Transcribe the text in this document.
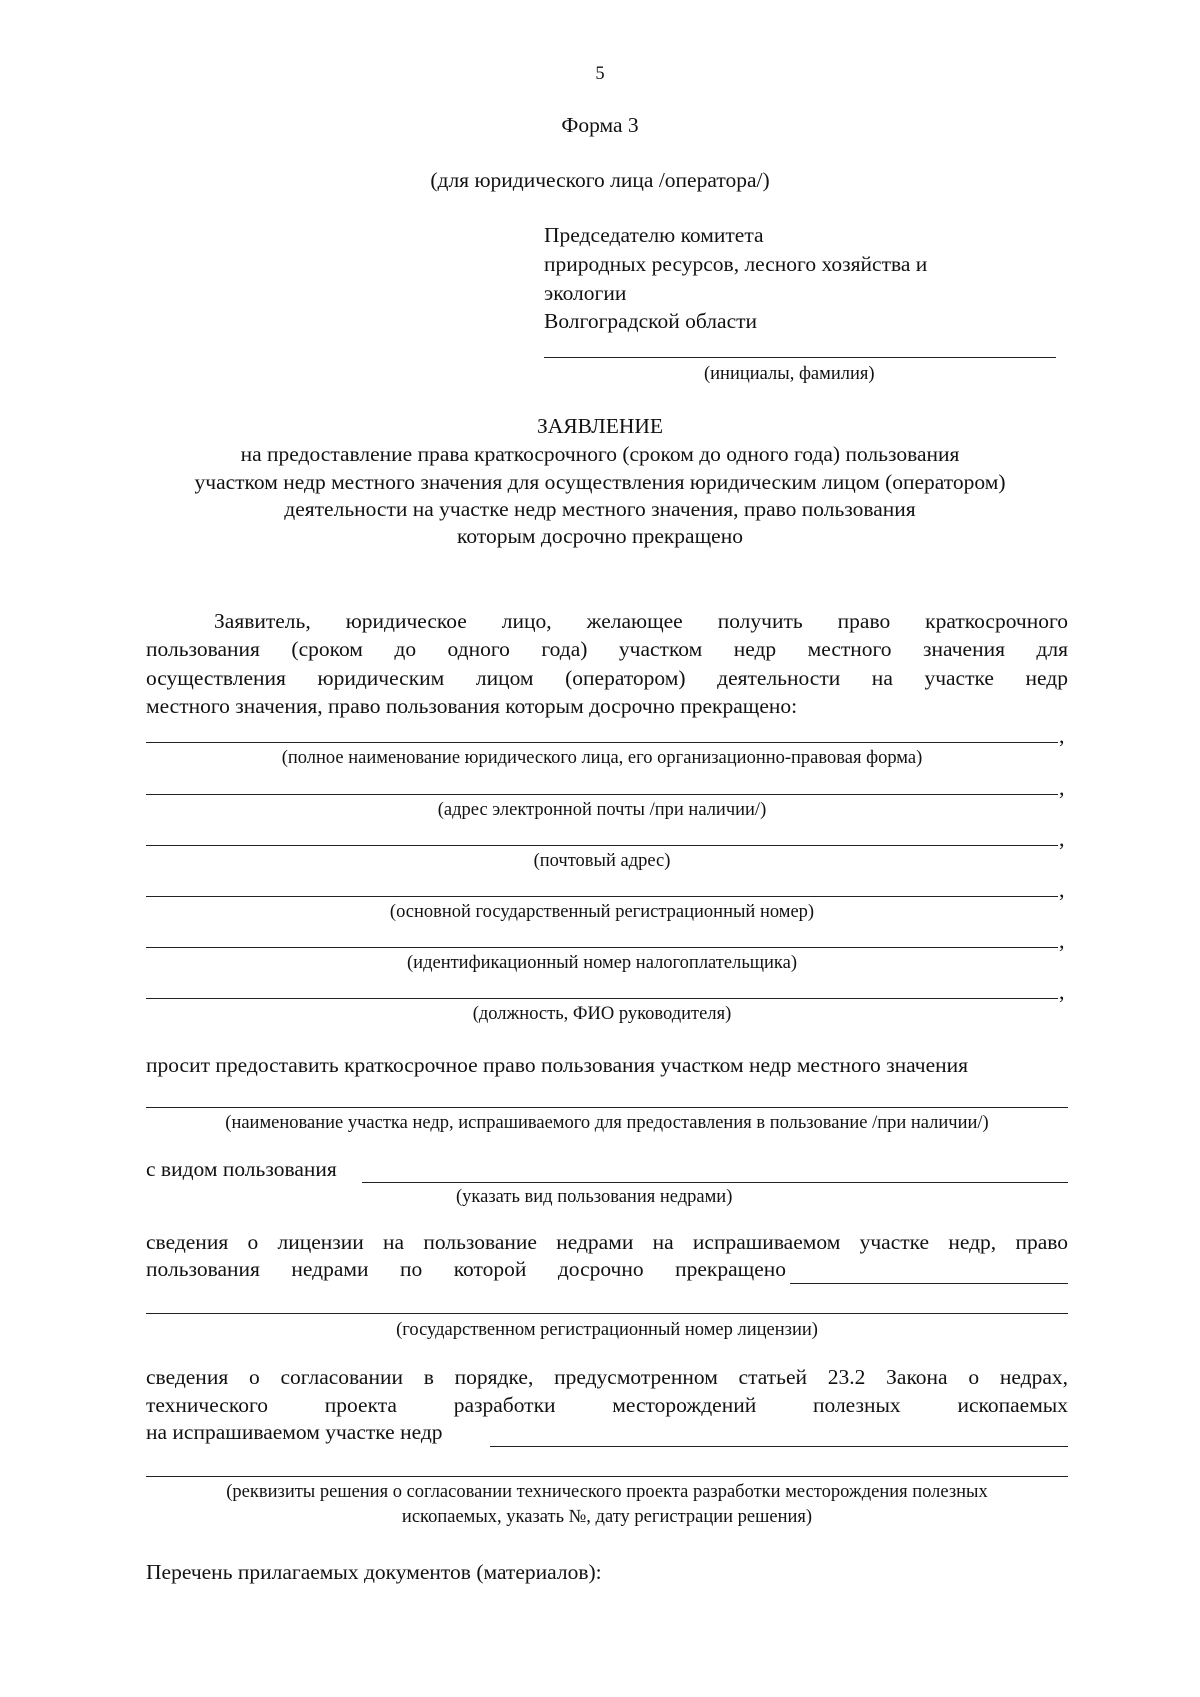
5
Форма 3
(для юридического лица /оператора/)
Председателю комитета
природных ресурсов, лесного хозяйства и
экологии
Волгоградской области
(инициалы, фамилия)
ЗАЯВЛЕНИЕ
на предоставление права краткосрочного (сроком до одного года) пользования
участком недр местного значения для осуществления юридическим лицом (оператором)
деятельности на участке недр местного значения, право пользования
которым досрочно прекращено
Заявитель, юридическое лицо, желающее получить право краткосрочного
пользования (сроком до одного года) участком недр местного значения для
осуществления юридическим лицом (оператором) деятельности на участке недр
местного значения, право пользования которым досрочно прекращено:
,
(полное наименование юридического лица, его организационно-правовая форма)
,
(адрес электронной почты /при наличии/)
,
(почтовый адрес)
,
(основной государственный регистрационный номер)
,
(идентификационный номер налогоплательщика)
,
(должность, ФИО руководителя)
просит предоставить краткосрочное право пользования участком недр местного значения
(наименование участка недр, испрашиваемого для предоставления в пользование /при наличии/)
с видом пользования
(указать вид пользования недрами)
сведения о лицензии на пользование недрами на испрашиваемом участке недр, право
пользования недрами по которой досрочно прекращено
(государственном регистрационный номер лицензии)
сведения о согласовании в порядке, предусмотренном статьей 23.2 Закона о недрах,
технического проекта разработки месторождений полезных ископаемых
на испрашиваемом участке недр
(реквизиты решения о согласовании технического проекта разработки месторождения полезных
ископаемых, указать №, дату регистрации решения)
Перечень прилагаемых документов (материалов):
